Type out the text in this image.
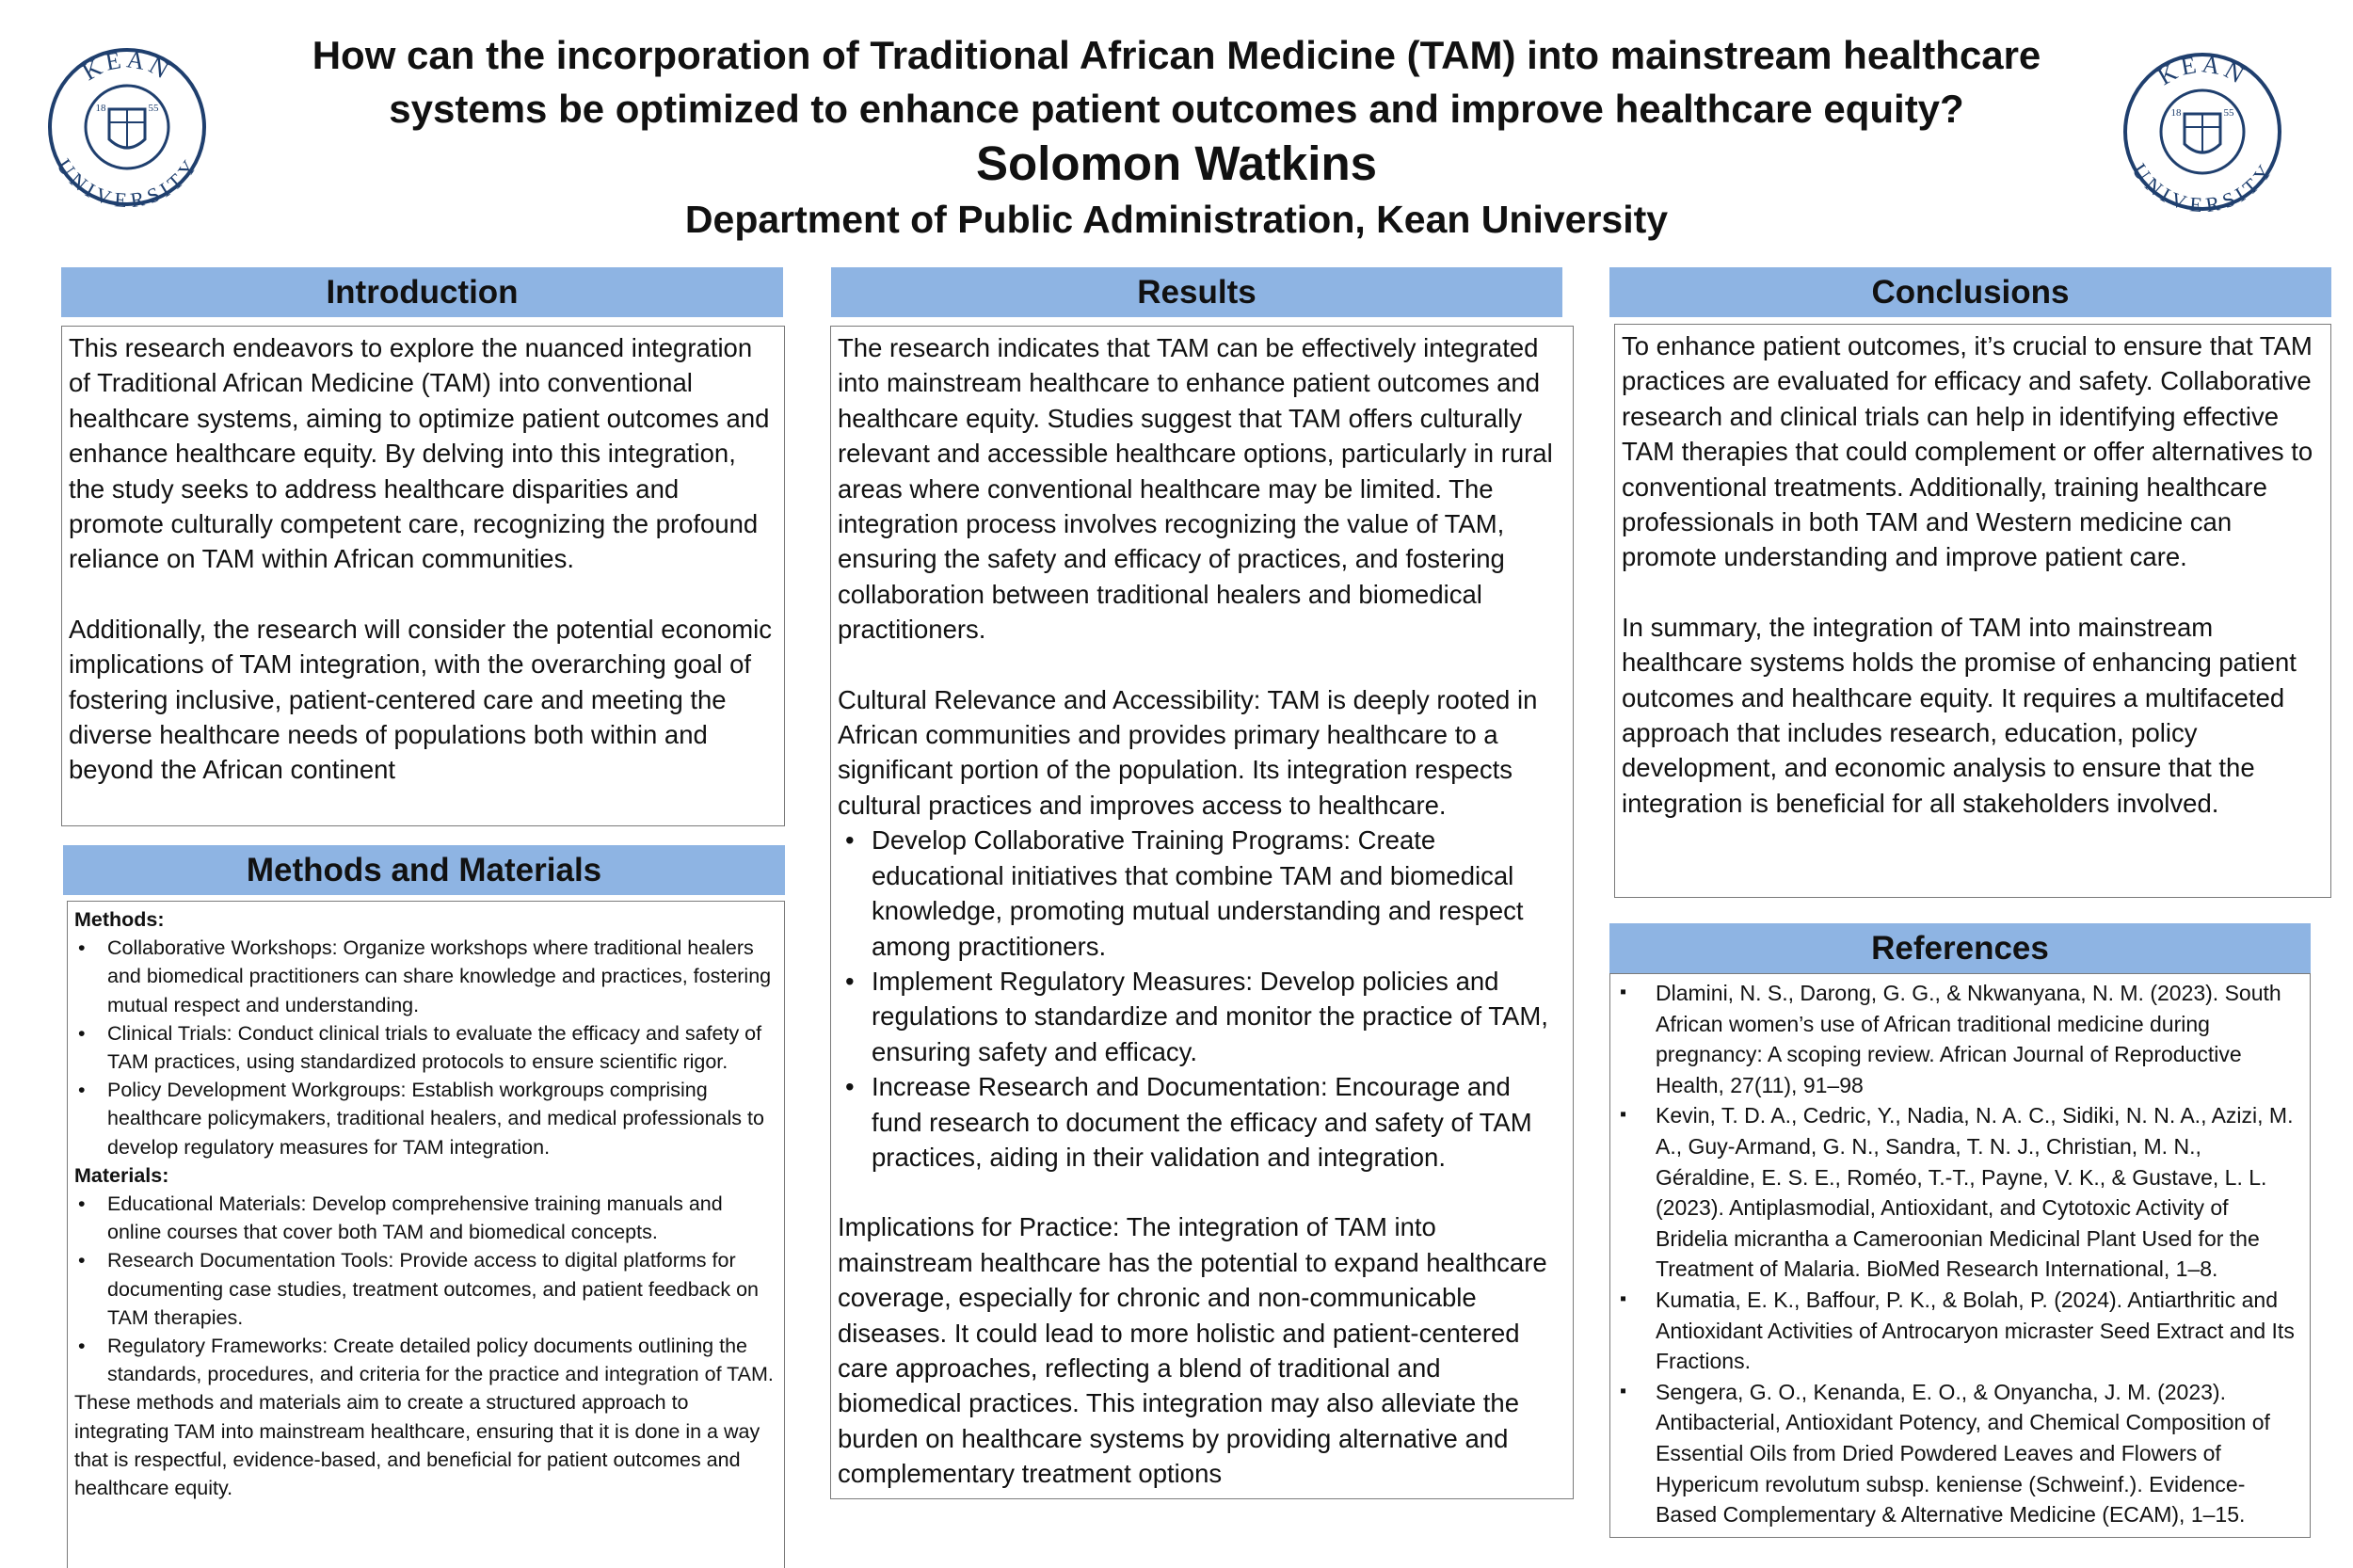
KEAN
UNIVERSITY
18	55
KEAN
UNIVERSITY
18	55
How can the incorporation of Traditional African Medicine (TAM) into mainstream healthcare
systems be optimized to enhance patient outcomes and improve healthcare equity?
Solomon Watkins
Department of Public Administration, Kean University
Introduction

This research endeavors to explore the nuanced integration of Traditional African Medicine (TAM) into conventional healthcare systems, aiming to optimize patient outcomes and enhance healthcare equity. By delving into this integration, the study seeks to address healthcare disparities and promote culturally competent care, recognizing the profound reliance on TAM within African communities.

Additionally, the research will consider the potential economic implications of TAM integration, with the overarching goal of fostering inclusive, patient-centered care and meeting the diverse healthcare needs of populations both within and beyond the African continent

Methods and Materials
Methods:
• Collaborative Workshops: Organize workshops where traditional healers and biomedical practitioners can share knowledge and practices, fostering mutual respect and understanding.
• Clinical Trials: Conduct clinical trials to evaluate the efficacy and safety of TAM practices, using standardized protocols to ensure scientific rigor.
• Policy Development Workgroups: Establish workgroups comprising healthcare policymakers, traditional healers, and medical professionals to develop regulatory measures for TAM integration.
Materials:
• Educational Materials: Develop comprehensive training manuals and online courses that cover both TAM and biomedical concepts.
• Research Documentation Tools: Provide access to digital platforms for documenting case studies, treatment outcomes, and patient feedback on TAM therapies.
• Regulatory Frameworks: Create detailed policy documents outlining the standards, procedures, and criteria for the practice and integration of TAM.

These methods and materials aim to create a structured approach to integrating TAM into mainstream healthcare, ensuring that it is done in a way that is respectful, evidence-based, and beneficial for patient outcomes and healthcare equity.

Results

The research indicates that TAM can be effectively integrated into mainstream healthcare to enhance patient outcomes and healthcare equity. Studies suggest that TAM offers culturally relevant and accessible healthcare options, particularly in rural areas where conventional healthcare may be limited. The integration process involves recognizing the value of TAM, ensuring the safety and efficacy of practices, and fostering collaboration between traditional healers and biomedical practitioners.

Cultural Relevance and Accessibility: TAM is deeply rooted in African communities and provides primary healthcare to a significant portion of the population. Its integration respects cultural practices and improves access to healthcare.

• Develop Collaborative Training Programs: Create educational initiatives that combine TAM and biomedical knowledge, promoting mutual understanding and respect among practitioners.
• Implement Regulatory Measures: Develop policies and regulations to standardize and monitor the practice of TAM, ensuring safety and efficacy.
• Increase Research and Documentation: Encourage and fund research to document the efficacy and safety of TAM practices, aiding in their validation and integration.

Implications for Practice: The integration of TAM into mainstream healthcare has the potential to expand healthcare coverage, especially for chronic and non-communicable diseases. It could lead to more holistic and patient-centered care approaches, reflecting a blend of traditional and biomedical practices. This integration may also alleviate the burden on healthcare systems by providing alternative and complementary treatment options

Conclusions

To enhance patient outcomes, it’s crucial to ensure that TAM practices are evaluated for efficacy and safety. Collaborative research and clinical trials can help in identifying effective TAM therapies that could complement or offer alternatives to conventional treatments. Additionally, training healthcare professionals in both TAM and Western medicine can promote understanding and improve patient care.

In summary, the integration of TAM into mainstream healthcare systems holds the promise of enhancing patient outcomes and healthcare equity. It requires a multifaceted approach that includes research, education, policy development, and economic analysis to ensure that the integration is beneficial for all stakeholders involved.

References
▪ Dlamini, N. S., Darong, G. G., & Nkwanyana, N. M. (2023). South African women’s use of African traditional medicine during pregnancy: A scoping review. African Journal of Reproductive Health, 27(11), 91–98
▪ Kevin, T. D. A., Cedric, Y., Nadia, N. A. C., Sidiki, N. N. A., Azizi, M. A., Guy-Armand, G. N., Sandra, T. N. J., Christian, M. N., Géraldine, E. S. E., Roméo, T.-T., Payne, V. K., & Gustave, L. L. (2023). Antiplasmodial, Antioxidant, and Cytotoxic Activity of Bridelia micrantha a Cameroonian Medicinal Plant Used for the Treatment of Malaria. BioMed Research International, 1–8.
▪ Kumatia, E. K., Baffour, P. K., & Bolah, P. (2024). Antiarthritic and Antioxidant Activities of Antrocaryon micraster Seed Extract and Its Fractions.
▪ Sengera, G. O., Kenanda, E. O., & Onyancha, J. M. (2023). Antibacterial, Antioxidant Potency, and Chemical Composition of Essential Oils from Dried Powdered Leaves and Flowers of Hypericum revolutum subsp. keniense (Schweinf.). Evidence-Based Complementary & Alternative Medicine (ECAM), 1–15.
